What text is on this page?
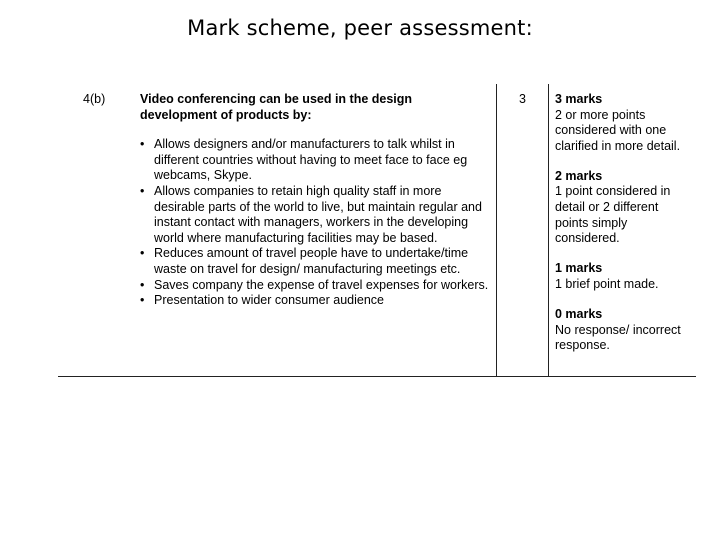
Mark scheme, peer assessment:
4(b)	Video conferencing can be used in the design development of products by:
• Allows designers and/or manufacturers to talk whilst in different countries without having to meet face to face eg webcams, Skype.
• Allows companies to retain high quality staff in more desirable parts of the world to live, but maintain regular and instant contact with managers, workers in the developing world where manufacturing facilities may be based.
• Reduces amount of travel people have to undertake/time waste on travel for design/ manufacturing meetings etc.
• Saves company the expense of travel expenses for workers.
• Presentation to wider consumer audience
3 3 marks
2 or more points considered with one clarified in more detail.
2 marks
1 point considered in detail or 2 different points simply considered.
1 marks
1 brief point made.
0 marks
No response/ incorrect response.
